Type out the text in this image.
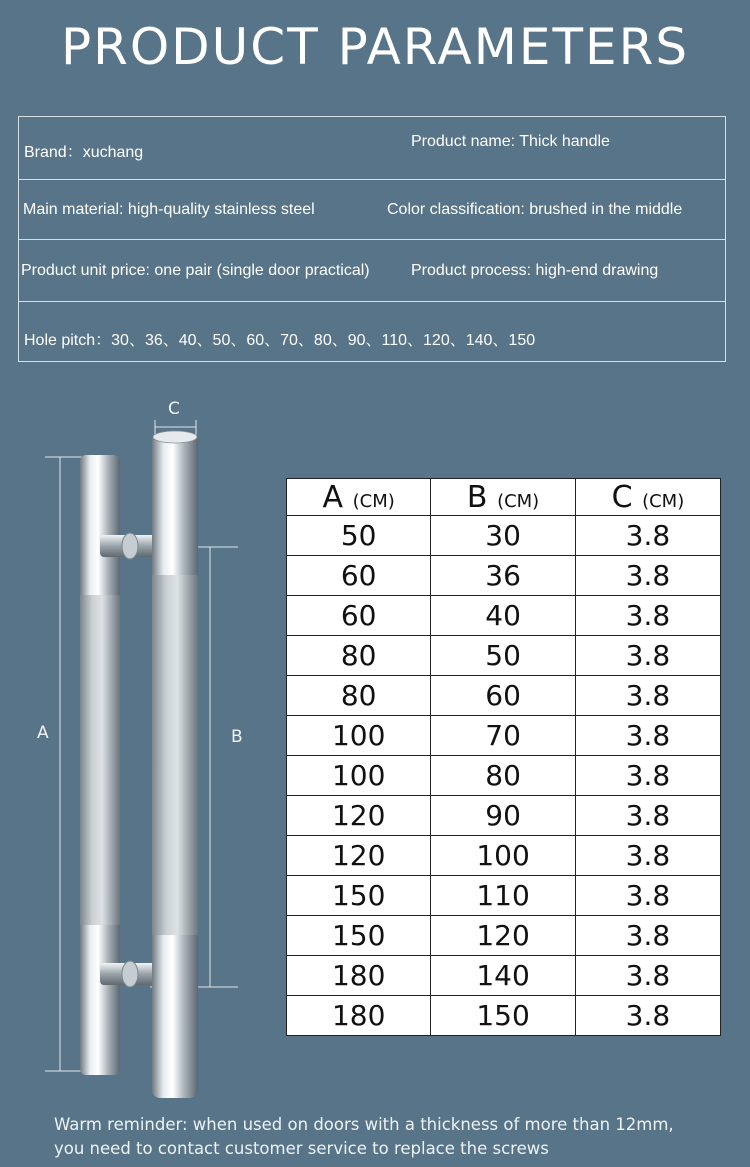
PRODUCT PARAMETERS
Brand：xuchang
Product name: Thick handle
Main material: high-quality stainless steel	Color classification: brushed in the middle
Product unit price: one pair (single door practical)	Product process: high-end drawing
Hole pitch：30、36、40、50、60、70、80、90、110、120、140、150
C
A	B
A (CM)	B (CM)	C (CM)
50	30	3.8
60	36	3.8
60	40	3.8
80	50	3.8
80	60	3.8
100	70	3.8
100	80	3.8
120	90	3.8
120	100	3.8
150	110	3.8
150	120	3.8
180	140	3.8
180	150	3.8
Warm reminder: when used on doors with a thickness of more than 12mm,
you need to contact customer service to replace the screws
